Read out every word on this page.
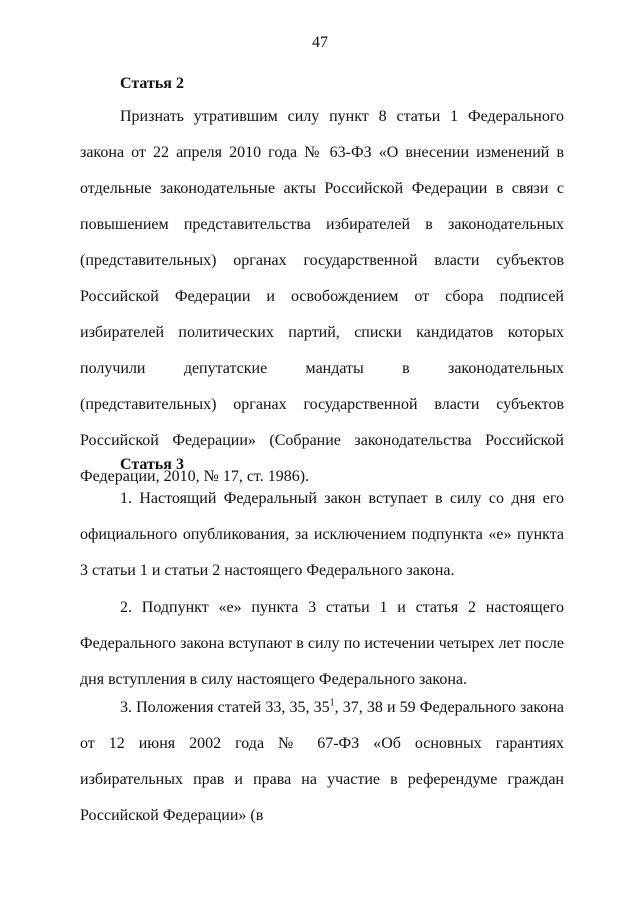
47
Статья 2
Признать утратившим силу пункт 8 статьи 1 Федерального закона от 22 апреля 2010 года № 63-ФЗ «О внесении изменений в отдельные законодательные акты Российской Федерации в связи с повышением представительства избирателей в законодательных (представительных) органах государственной власти субъектов Российской Федерации и освобождением от сбора подписей избирателей политических партий, списки кандидатов которых получили депутатские мандаты в законодательных (представительных) органах государственной власти субъектов Российской Федерации» (Собрание законодательства Российской Федерации, 2010, № 17, ст. 1986).
Статья 3
1. Настоящий Федеральный закон вступает в силу со дня его официального опубликования, за исключением подпункта «е» пункта 3 статьи 1 и статьи 2 настоящего Федерального закона.
2. Подпункт «е» пункта 3 статьи 1 и статья 2 настоящего Федерального закона вступают в силу по истечении четырех лет после дня вступления в силу настоящего Федерального закона.
3. Положения статей 33, 35, $35^1$, 37, 38 и 59 Федерального закона от 12 июня 2002 года № 67-ФЗ «Об основных гарантиях избирательных прав и права на участие в референдуме граждан Российской Федерации» (в
